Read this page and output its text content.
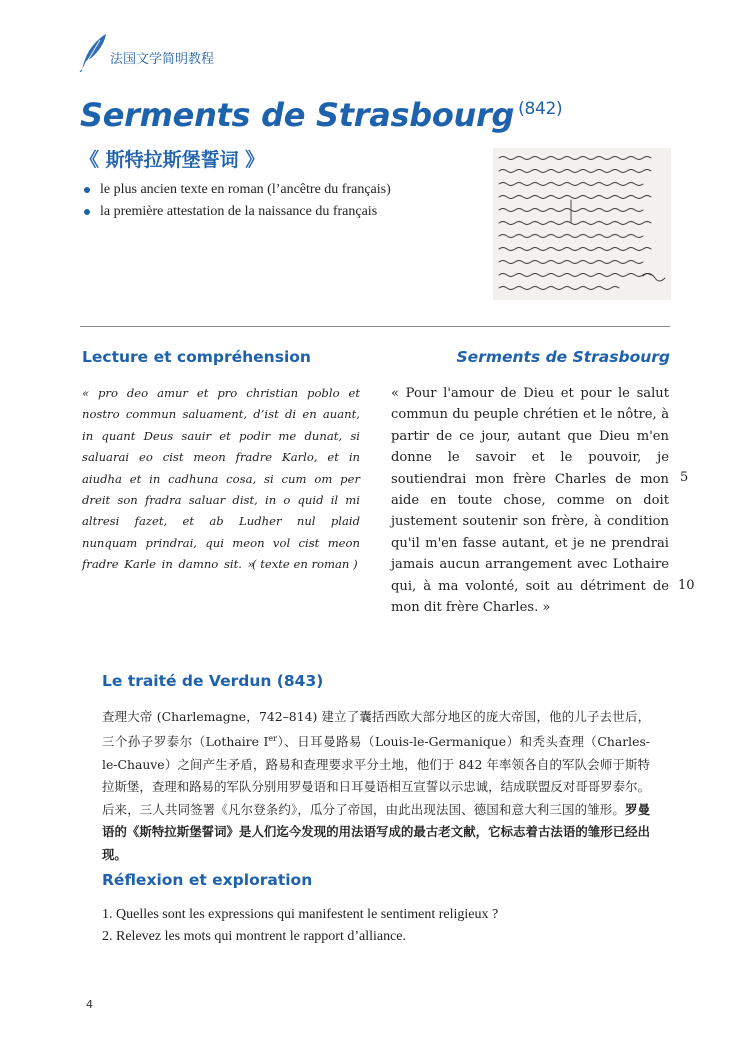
法国文学简明教程
Serments de Strasbourg $^{(842)}$
《 斯特拉斯堡誓词 》
le plus ancien texte en roman (l’ancêtre du français)
la première attestation de la naissance du français
Lecture et compréhension	Serments de Strasbourg

« pro deo amur et pro christian poblo et nostro commun saluament, d’ist di en auant, in quant Deus sauir et podir me dunat, si saluarai eo cist meon fradre Karlo, et in aiudha et in cadhuna cosa, si cum om per dreit son fradra saluar dist, in o quid il mi altresi fazet, et ab Ludher nul plaid nunquam prindrai, qui meon vol cist meon fradre Karle in damno sit. »

( texte en roman )

« Pour l'amour de Dieu et pour le salut commun du peuple chrétien et le nôtre, à partir de ce jour, autant que Dieu m'en donne le savoir et le pouvoir, je soutiendrai mon frère Charles de mon aide en toute chose, comme on doit justement soutenir son frère, à condition qu'il m'en fasse autant, et je ne prendrai jamais aucun arrangement avec Lothaire qui, à ma volonté, soit au détriment de mon dit frère Charles. »

5
10
Le traité de Verdun (843)

查理大帝 (Charlemagne，742–814) 建立了囊括西欧大部分地区的庞大帝国，他的儿子去世后，三个孙子罗泰尔（Lothaire Ier）、日耳曼路易（Louis-le-Germanique）和秃头查理（Charles-le-Chauve）之间产生矛盾，路易和查理要求平分土地，他们于 842 年率领各自的军队会师于斯特拉斯堡，查理和路易的军队分别用罗曼语和日耳曼语相互宣誓以示忠诚，结成联盟反对哥哥罗泰尔。后来，三人共同签署《凡尔登条约》，瓜分了帝国，由此出现法国、德国和意大利三国的雏形。罗曼语的《斯特拉斯堡誓词》是人们迄今发现的用法语写成的最古老文献，它标志着古法语的雏形已经出现。

Réflexion et exploration
1. Quelles sont les expressions qui manifestent le sentiment religieux ?
2. Relevez les mots qui montrent le rapport d’alliance.
4
